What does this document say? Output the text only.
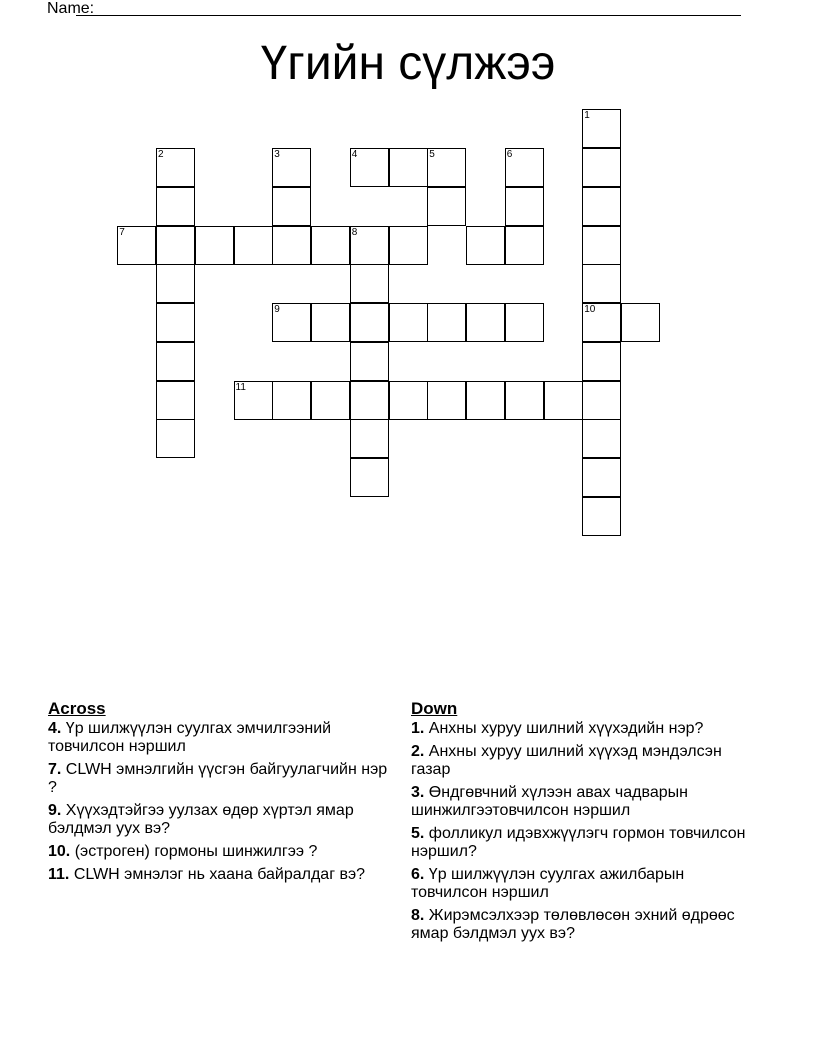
Name:
Үгийн сүлжээ
1
10
2	3	4	5	6
7	8
9
11
Across
4. Үр шилжүүлэн суулгах эмчилгээний товчилсон нэршил
7. CLWH эмнэлгийн үүсгэн байгуулагчийн нэр ?
9. Хүүхэдтэйгээ уулзах өдөр хүртэл ямар бэлдмэл уух вэ?
10. (эстроген) гормоны шинжилгээ ?
11. CLWH эмнэлэг нь хаана байралдаг вэ?
Down
1. Анхны хуруу шилний хүүхэдийн нэр?
2. Анхны хуруу шилний хүүхэд мэндэлсэн газар
3. Өндгөвчний хүлээн авах чадварын шинжилгээтовчилсон нэршил
5. фолликул идэвхжүүлэгч гормон товчилсон нэршил?
6. Үр шилжүүлэн суулгах ажилбарын товчилсон нэршил
8. Жирэмсэлхээр төлөвлөсөн эхний өдрөөс ямар бэлдмэл уух вэ?
